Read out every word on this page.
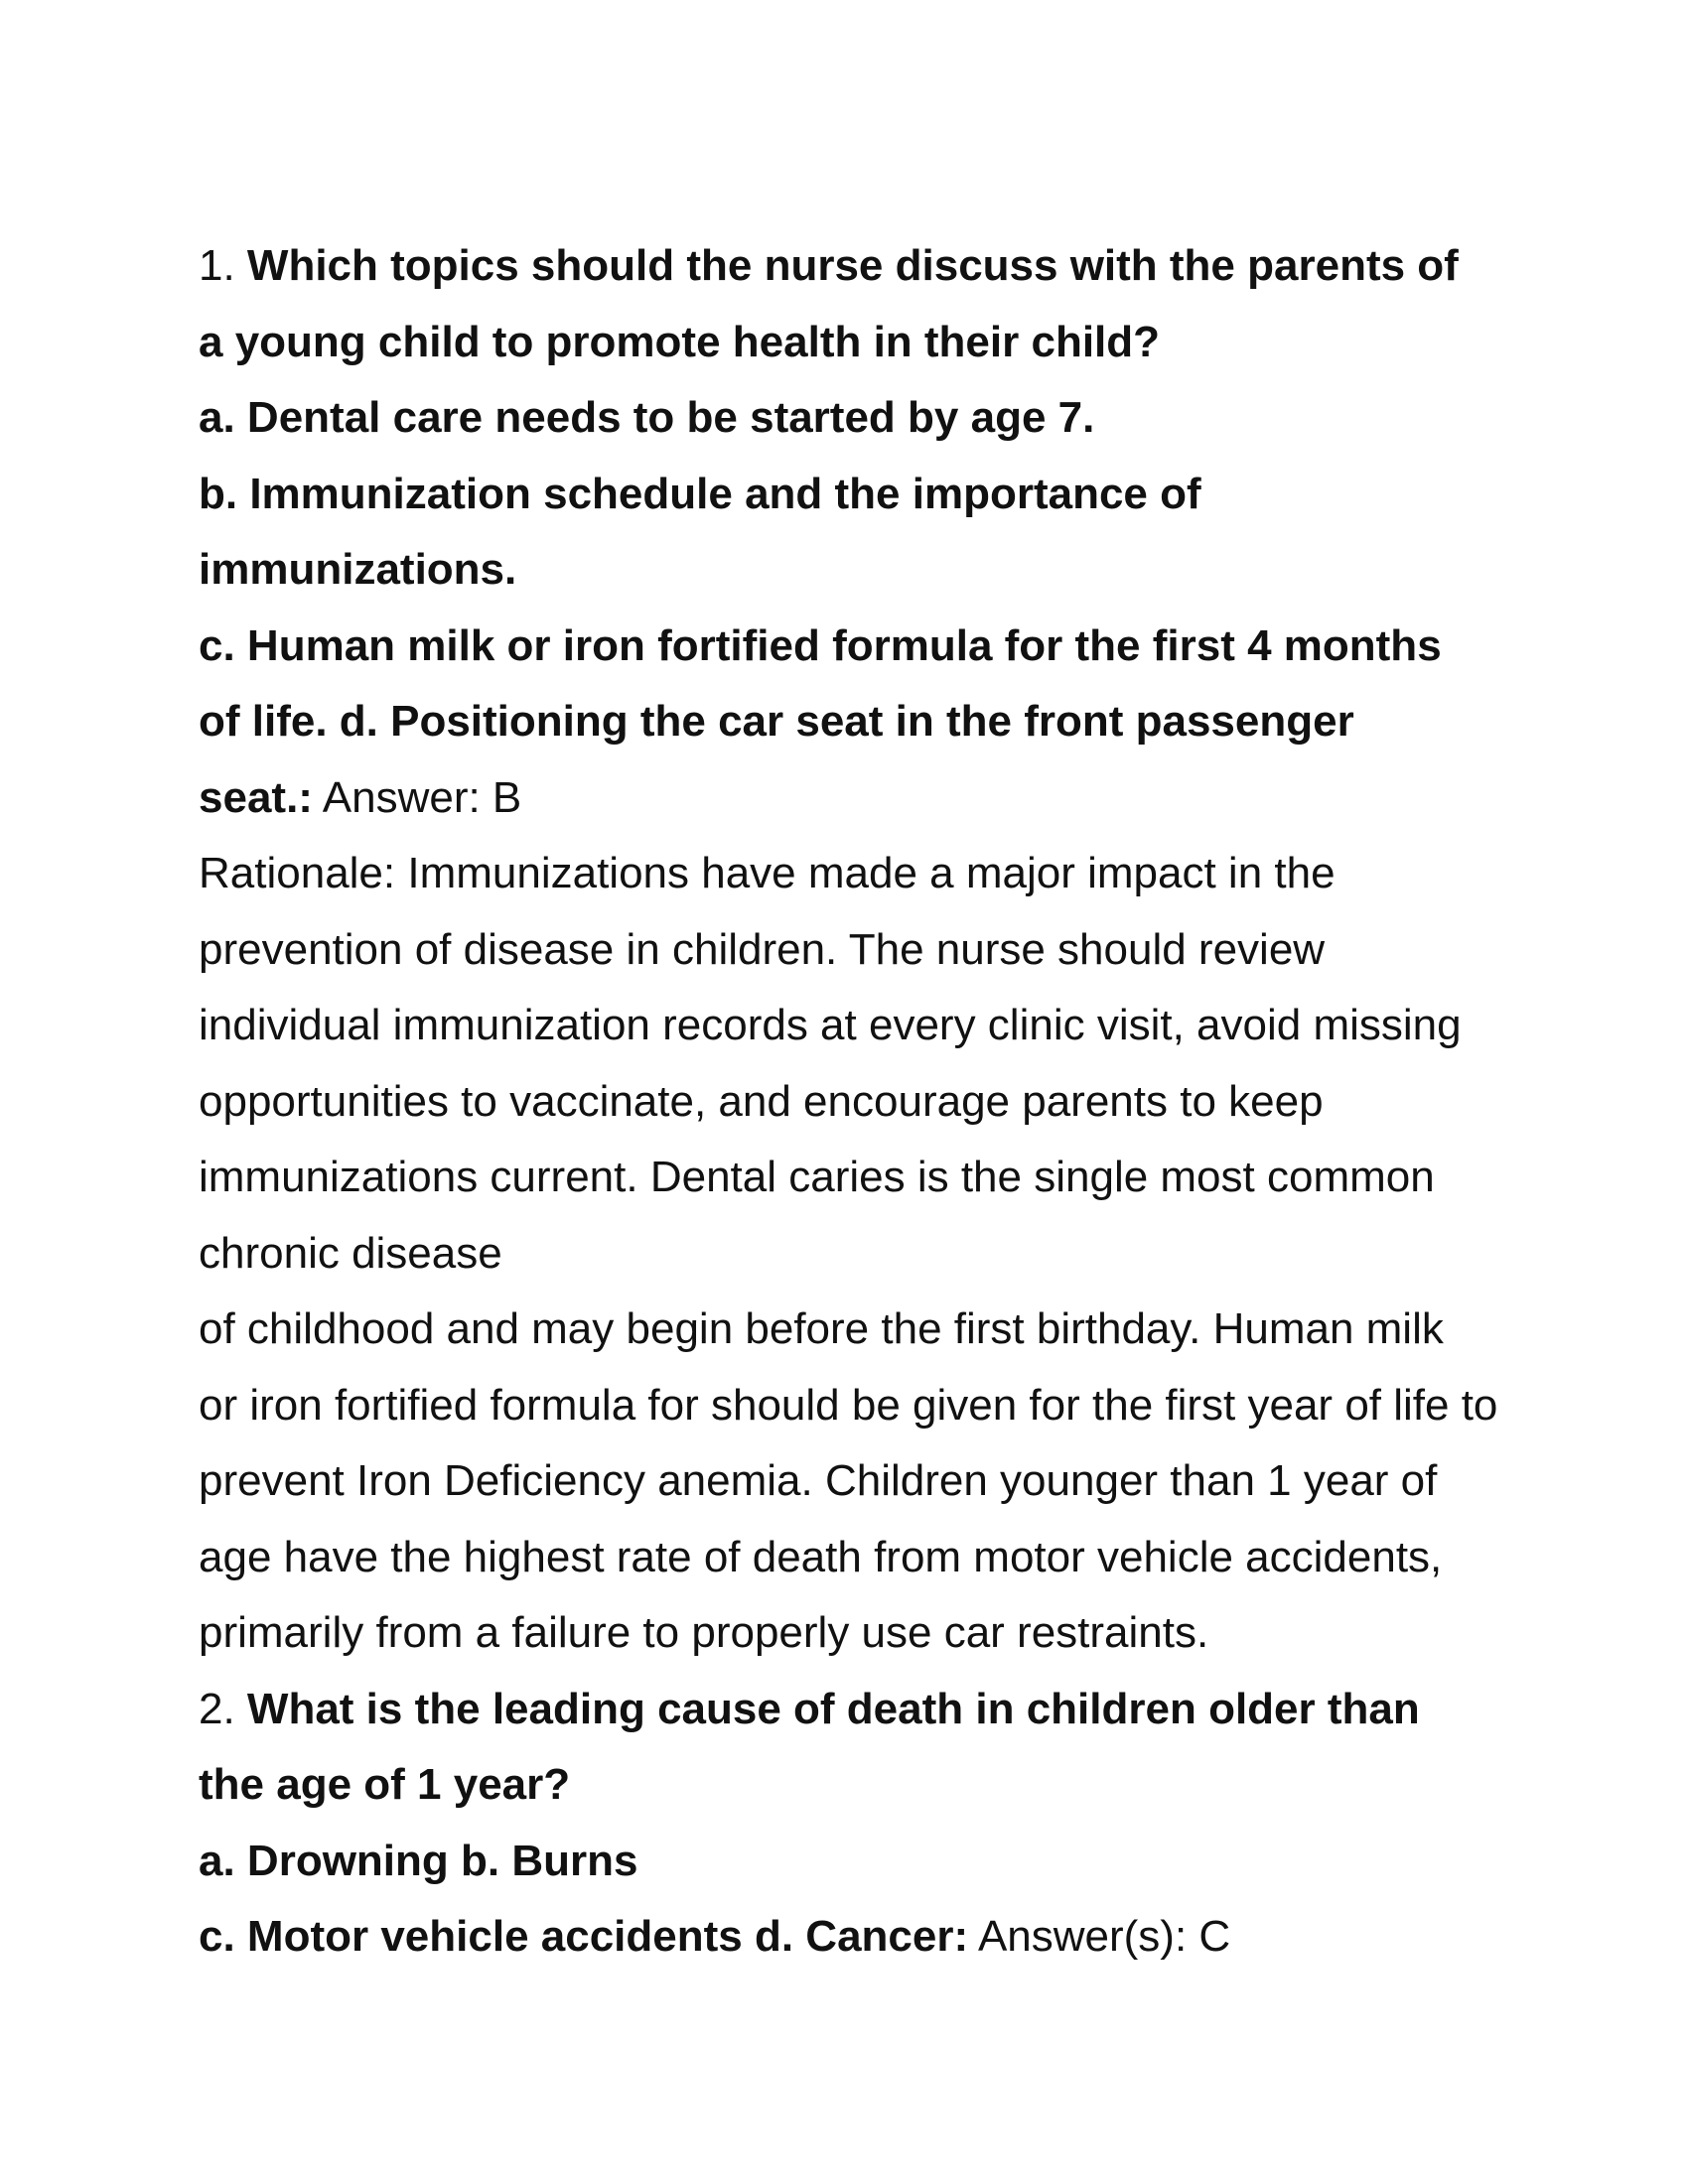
1. Which topics should the nurse discuss with the parents of

a young child to promote health in their child?

a. Dental care needs to be started by age 7.

b. Immunization schedule and the importance of

immunizations.

c. Human milk or iron fortified formula for the first 4 months

of life. d. Positioning the car seat in the front passenger

seat.: Answer: B

Rationale: Immunizations have made a major impact in the

prevention of disease in children. The nurse should review

individual immunization records at every clinic visit, avoid missing

opportunities to vaccinate, and encourage parents to keep

immunizations current. Dental caries is the single most common

chronic disease

of childhood and may begin before the first birthday. Human milk

or iron fortified formula for should be given for the first year of life to

prevent Iron Deficiency anemia. Children younger than 1 year of

age have the highest rate of death from motor vehicle accidents,

primarily from a failure to properly use car restraints.

2. What is the leading cause of death in children older than

the age of 1 year?

a. Drowning b. Burns

c. Motor vehicle accidents d. Cancer: Answer(s): C
